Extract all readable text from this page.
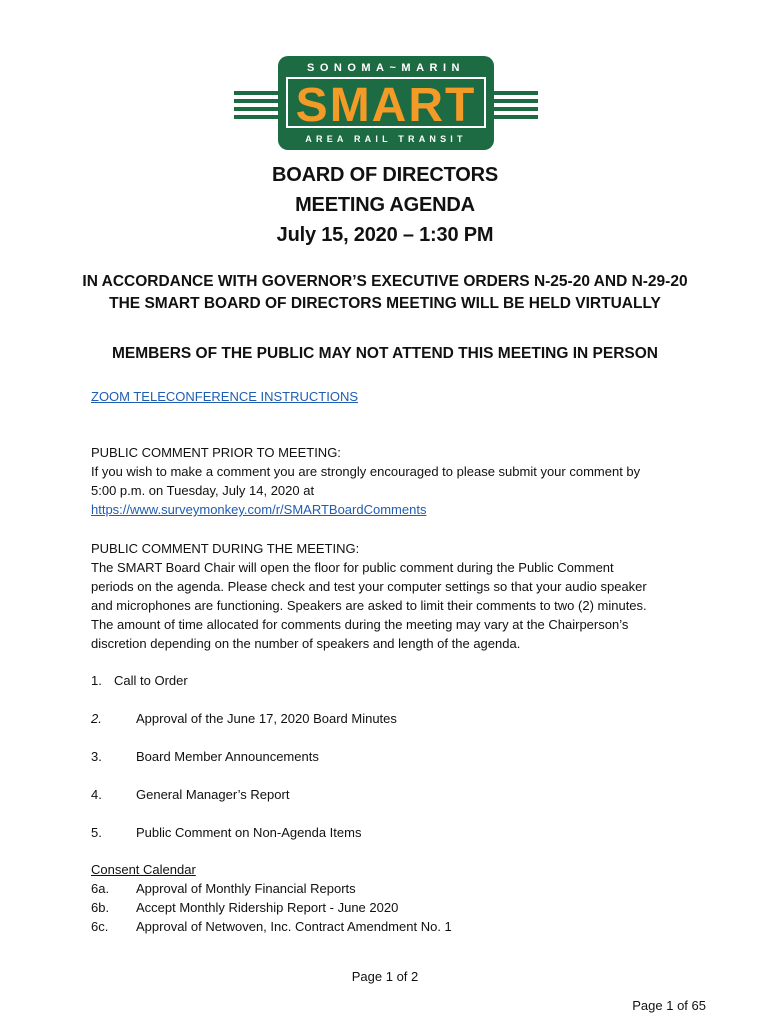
SONOMA~MARIN
SMART
AREA RAIL TRANSIT
BOARD OF DIRECTORS
MEETING AGENDA
July 15, 2020 – 1:30 PM
IN ACCORDANCE WITH GOVERNOR’S EXECUTIVE ORDERS N-25-20 AND N-29-20
THE SMART BOARD OF DIRECTORS MEETING WILL BE HELD VIRTUALLY
MEMBERS OF THE PUBLIC MAY NOT ATTEND THIS MEETING IN PERSON
ZOOM TELECONFERENCE INSTRUCTIONS
PUBLIC COMMENT PRIOR TO MEETING:
If you wish to make a comment you are strongly encouraged to please submit your comment by
5:00 p.m. on Tuesday, July 14, 2020 at
https://www.surveymonkey.com/r/SMARTBoardComments
PUBLIC COMMENT DURING THE MEETING:
The SMART Board Chair will open the floor for public comment during the Public Comment
periods on the agenda. Please check and test your computer settings so that your audio speaker
and microphones are functioning. Speakers are asked to limit their comments to two (2) minutes.
The amount of time allocated for comments during the meeting may vary at the Chairperson’s
discretion depending on the number of speakers and length of the agenda.
1. Call to Order
2.	Approval of the June 17, 2020 Board Minutes
3.	Board Member Announcements
4.	General Manager’s Report
5.	Public Comment on Non-Agenda Items
Consent Calendar
6a.	Approval of Monthly Financial Reports
6b.	Accept Monthly Ridership Report - June 2020
6c.	Approval of Netwoven, Inc. Contract Amendment No. 1
Page 1 of 2
Page 1 of 65
